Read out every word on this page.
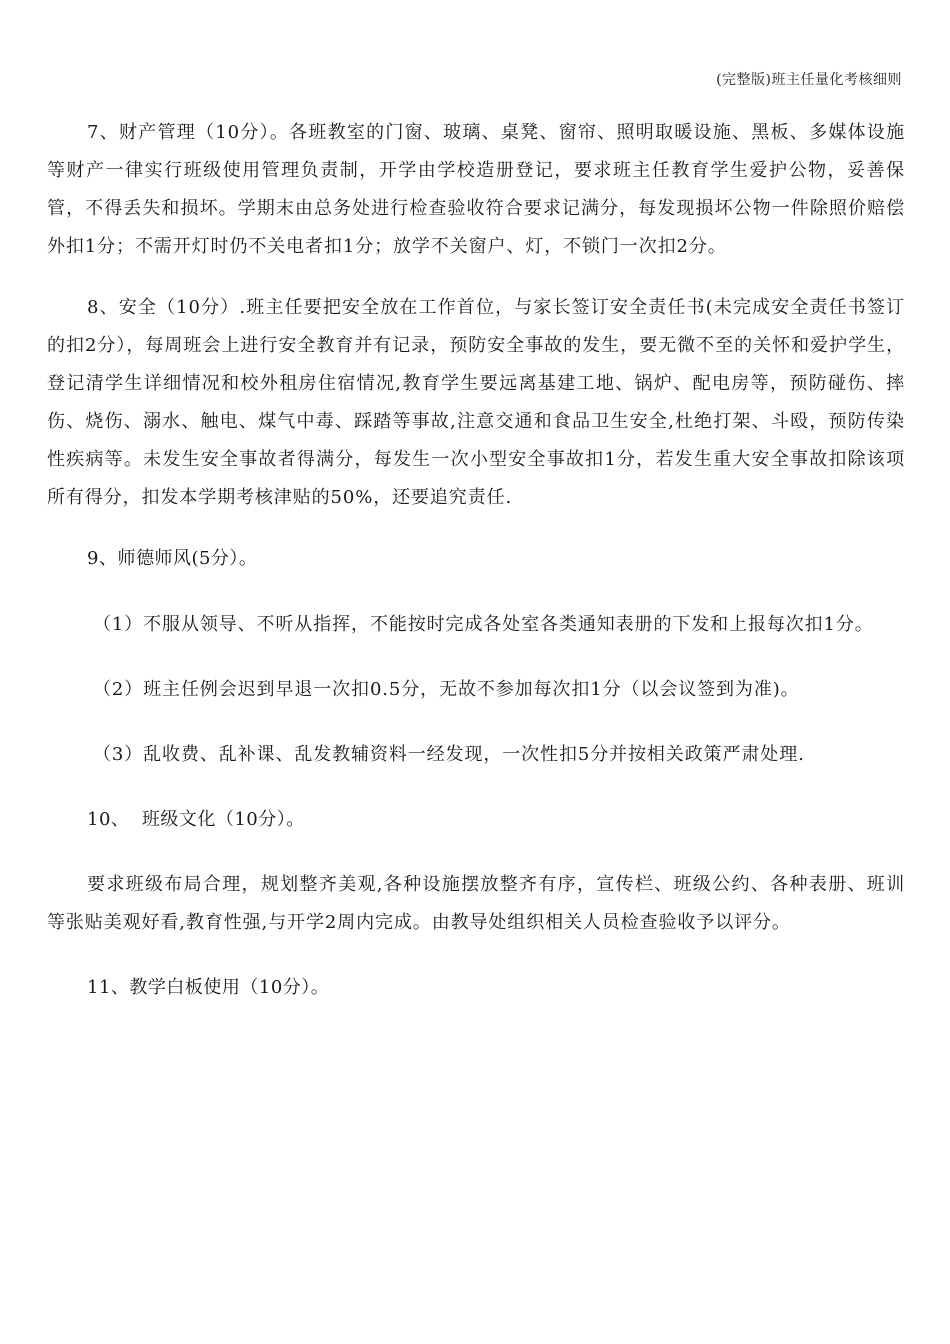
(完整版)班主任量化考核细则

7、财产管理（10分）。各班教室的门窗、玻璃、桌凳、窗帘、照明取暖设施、黑板、多媒体设施等财产一律实行班级使用管理负责制，开学由学校造册登记，要求班主任教育学生爱护公物，妥善保管，不得丢失和损坏。学期末由总务处进行检查验收符合要求记满分，每发现损坏公物一件除照价赔偿外扣1分；不需开灯时仍不关电者扣1分；放学不关窗户、灯，不锁门一次扣2分。

8、安全（10分）.班主任要把安全放在工作首位，与家长签订安全责任书(未完成安全责任书签订的扣2分），每周班会上进行安全教育并有记录，预防安全事故的发生，要无微不至的关怀和爱护学生，登记清学生详细情况和校外租房住宿情况,教育学生要远离基建工地、锅炉、配电房等，预防碰伤、摔伤、烧伤、溺水、触电、煤气中毒、踩踏等事故,注意交通和食品卫生安全,杜绝打架、斗殴，预防传染性疾病等。未发生安全事故者得满分，每发生一次小型安全事故扣1分，若发生重大安全事故扣除该项所有得分，扣发本学期考核津贴的50%，还要追究责任.

9、师德师风(5分）。

（1）不服从领导、不听从指挥，不能按时完成各处室各类通知表册的下发和上报每次扣1分。

（2）班主任例会迟到早退一次扣0.5分，无故不参加每次扣1分（以会议签到为准)。

（3）乱收费、乱补课、乱发教辅资料一经发现，一次性扣5分并按相关政策严肃处理.

10、  班级文化（10分）。

要求班级布局合理，规划整齐美观,各种设施摆放整齐有序，宣传栏、班级公约、各种表册、班训等张贴美观好看,教育性强,与开学2周内完成。由教导处组织相关人员检查验收予以评分。

11、教学白板使用（10分）。
